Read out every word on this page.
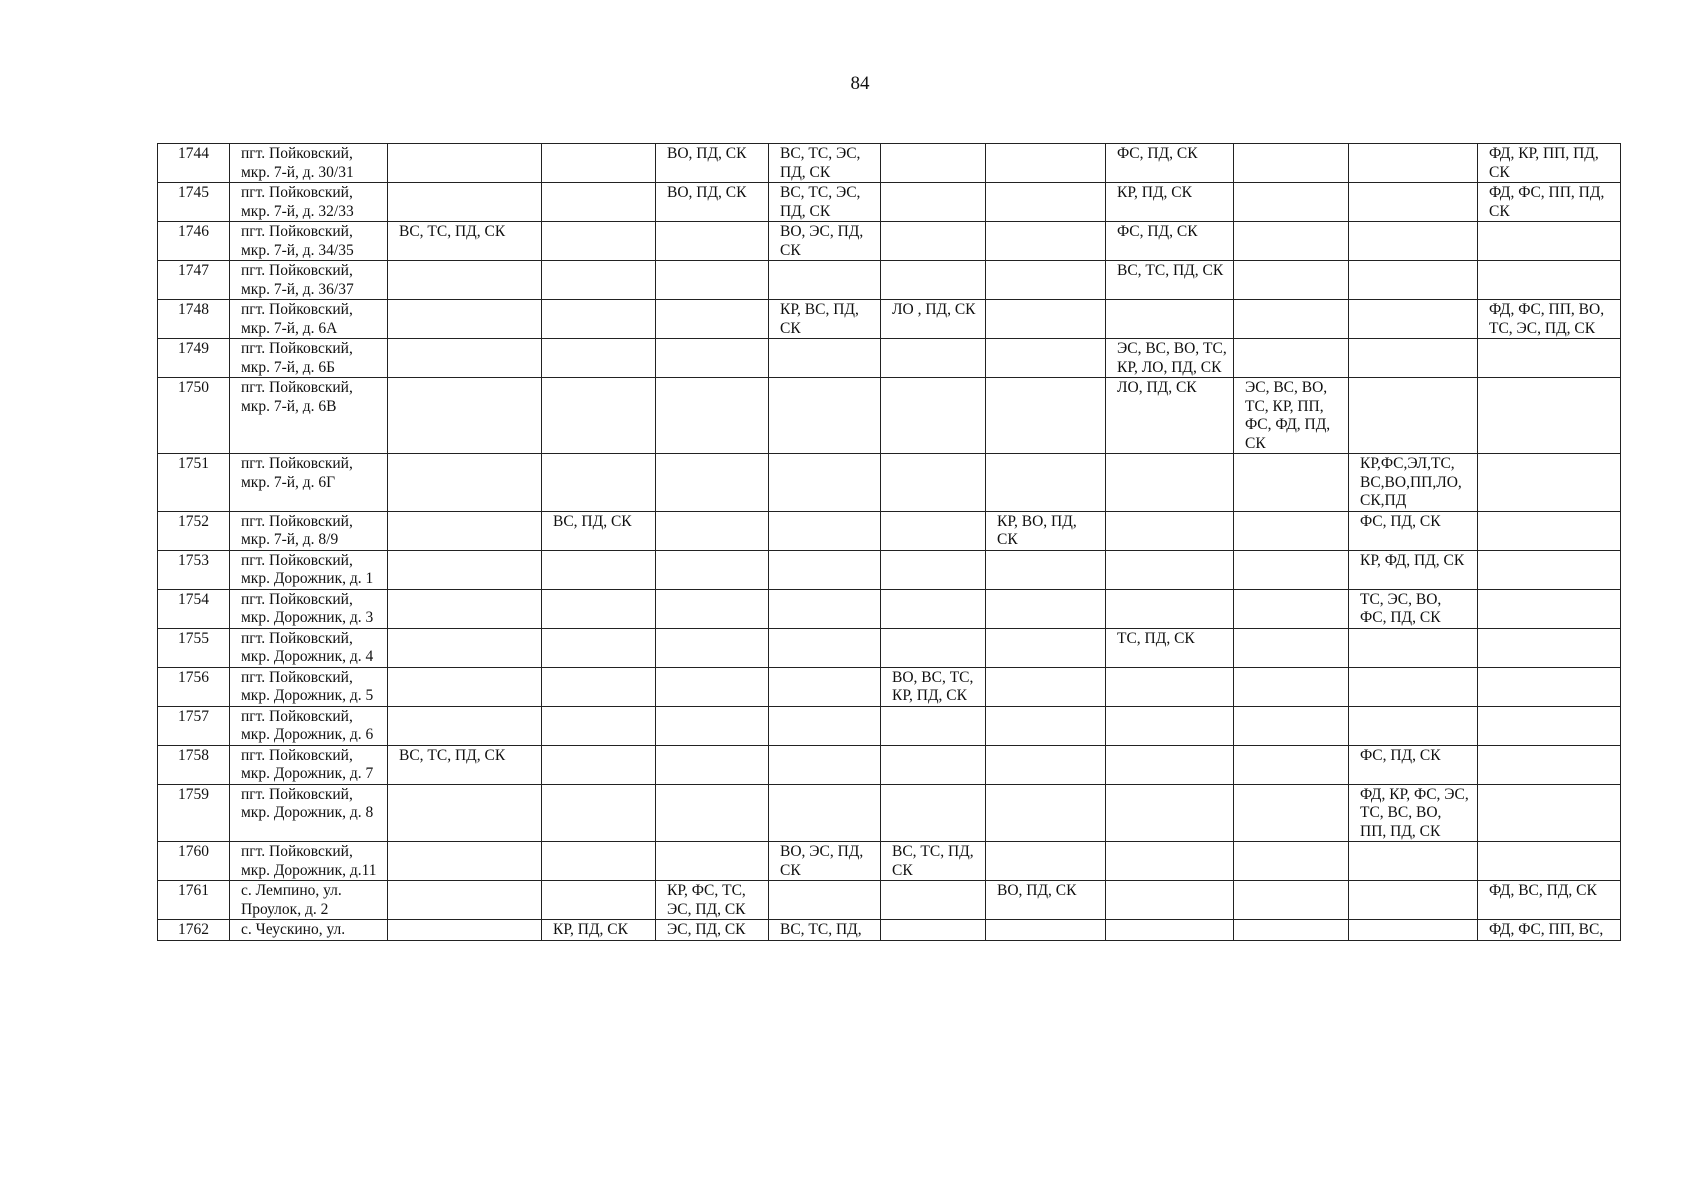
84
1744	пгт. Пойковский, мкр. 7-й, д. 30/31			ВО, ПД, СК	ВС, ТС, ЭС, ПД, СК			ФС, ПД, СК			ФД, КР, ПП, ПД, СК
1745	пгт. Пойковский, мкр. 7-й, д. 32/33			ВО, ПД, СК	ВС, ТС, ЭС, ПД, СК			КР, ПД, СК			ФД, ФС, ПП, ПД, СК
1746	пгт. Пойковский, мкр. 7-й, д. 34/35	ВС, ТС, ПД, СК			ВО, ЭС, ПД, СК			ФС, ПД, СК			
1747	пгт. Пойковский, мкр. 7-й, д. 36/37							ВС, ТС, ПД, СК			
1748	пгт. Пойковский, мкр. 7-й, д. 6А				КР, ВС, ПД, СК	ЛО , ПД, СК					ФД, ФС, ПП, ВО, ТС, ЭС, ПД, СК
1749	пгт. Пойковский, мкр. 7-й, д. 6Б							ЭС, ВС, ВО, ТС, КР, ЛО, ПД, СК			
1750	пгт. Пойковский, мкр. 7-й, д. 6В							ЛО, ПД, СК	ЭС, ВС, ВО, ТС, КР, ПП, ФС, ФД, ПД, СК		
1751	пгт. Пойковский, мкр. 7-й, д. 6Г									КР,ФС,ЭЛ,ТС, ВС,ВО,ПП,ЛО, СК,ПД	
1752	пгт. Пойковский, мкр. 7-й, д. 8/9		ВС, ПД, СК				КР, ВО, ПД, СК			ФС, ПД, СК	
1753	пгт. Пойковский, мкр. Дорожник, д. 1									КР, ФД, ПД, СК	
1754	пгт. Пойковский, мкр. Дорожник, д. 3									ТС, ЭС, ВО, ФС, ПД, СК	
1755	пгт. Пойковский, мкр. Дорожник, д. 4							ТС, ПД, СК			
1756	пгт. Пойковский, мкр. Дорожник, д. 5					ВО, ВС, ТС, КР, ПД, СК					
1757	пгт. Пойковский, мкр. Дорожник, д. 6										
1758	пгт. Пойковский, мкр. Дорожник, д. 7	ВС, ТС, ПД, СК								ФС, ПД, СК	
1759	пгт. Пойковский, мкр. Дорожник, д. 8									ФД, КР, ФС, ЭС, ТС, ВС, ВО, ПП, ПД, СК	
1760	пгт. Пойковский, мкр. Дорожник, д.11				ВО, ЭС, ПД, СК	ВС, ТС, ПД, СК					
1761	с. Лемпино, ул. Проулок, д. 2			КР, ФС, ТС, ЭС, ПД, СК			ВО, ПД, СК				ФД, ВС, ПД, СК
1762	с. Чеускино, ул.		КР, ПД, СК	ЭС, ПД, СК	ВС, ТС, ПД,						ФД, ФС, ПП, ВС,
